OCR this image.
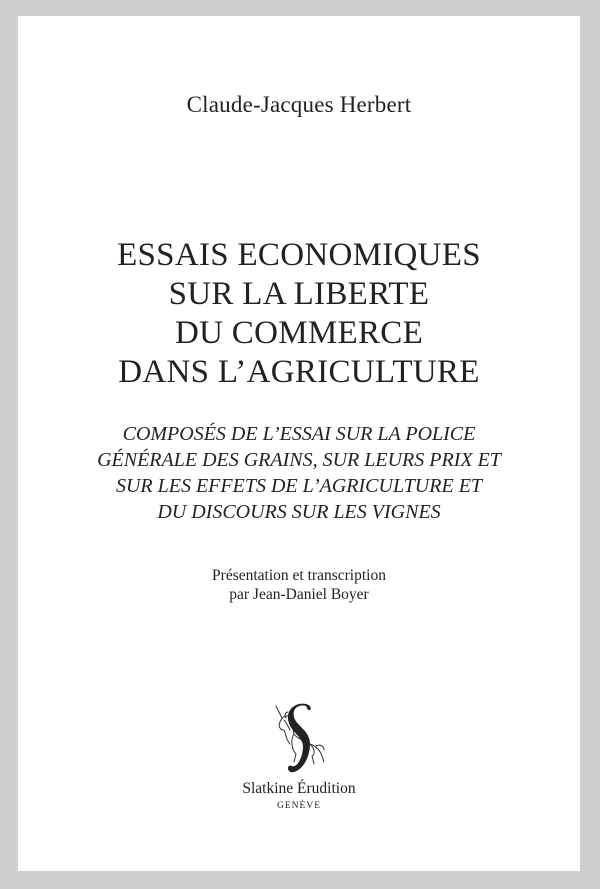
Claude-Jacques Herbert
ESSAIS ECONOMIQUES
SUR LA LIBERTE
DU COMMERCE
DANS L’AGRICULTURE
COMPOSÉS DE L’ESSAI SUR LA POLICE
GÉNÉRALE DES GRAINS, SUR LEURS PRIX ET
SUR LES EFFETS DE L’AGRICULTURE ET
DU DISCOURS SUR LES VIGNES
Présentation et transcription
par Jean-Daniel Boyer
Slatkine Érudition
GENÈVE
